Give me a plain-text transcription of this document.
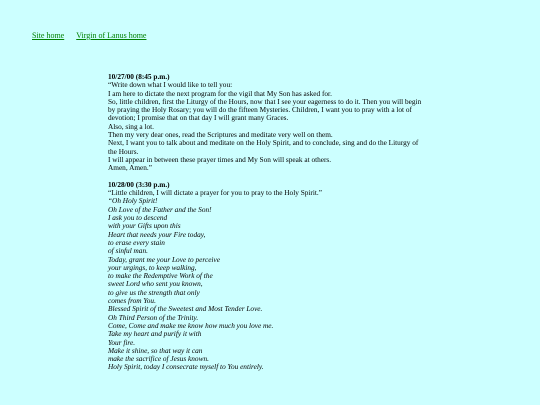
Site home Virgin of Lanus home
10/27/00 (8:45 p.m.)
“Write down what I would like to tell you:
I am here to dictate the next program for the vigil that My Son has asked for.
So, little children, first the Liturgy of the Hours, now that I see your eagerness to do it. Then you will begin by praying the Holy Rosary; you will do the fifteen Mysteries. Children, I want you to pray with a lot of devotion; I promise that on that day I will grant many Graces.
Also, sing a lot.
Then my very dear ones, read the Scriptures and meditate very well on them.
Next, I want you to talk about and meditate on the Holy Spirit, and to conclude, sing and do the Liturgy of the Hours.
I will appear in between these prayer times and My Son will speak at others.
Amen, Amen.”
10/28/00 (3:30 p.m.)
“Little children, I will dictate a prayer for you to pray to the Holy Spirit.”
“Oh Holy Spirit!
Oh Love of the Father and the Son!
I ask you to descend
with your Gifts upon this
Heart that needs your Fire today,
to erase every stain
of sinful man.
Today, grant me your Love to perceive
your urgings, to keep walking,
to make the Redemptive Work of the
sweet Lord who sent you known,
to give us the strength that only
comes from You.
Blessed Spirit of the Sweetest and Most Tender Love.
Oh Third Person of the Trinity.
Come, Come and make me know how much you love me.
Take my heart and purify it with
Your fire.
Make it shine, so that way it can
make the sacrifice of Jesus known.
Holy Spirit, today I consecrate myself to You entirely.
